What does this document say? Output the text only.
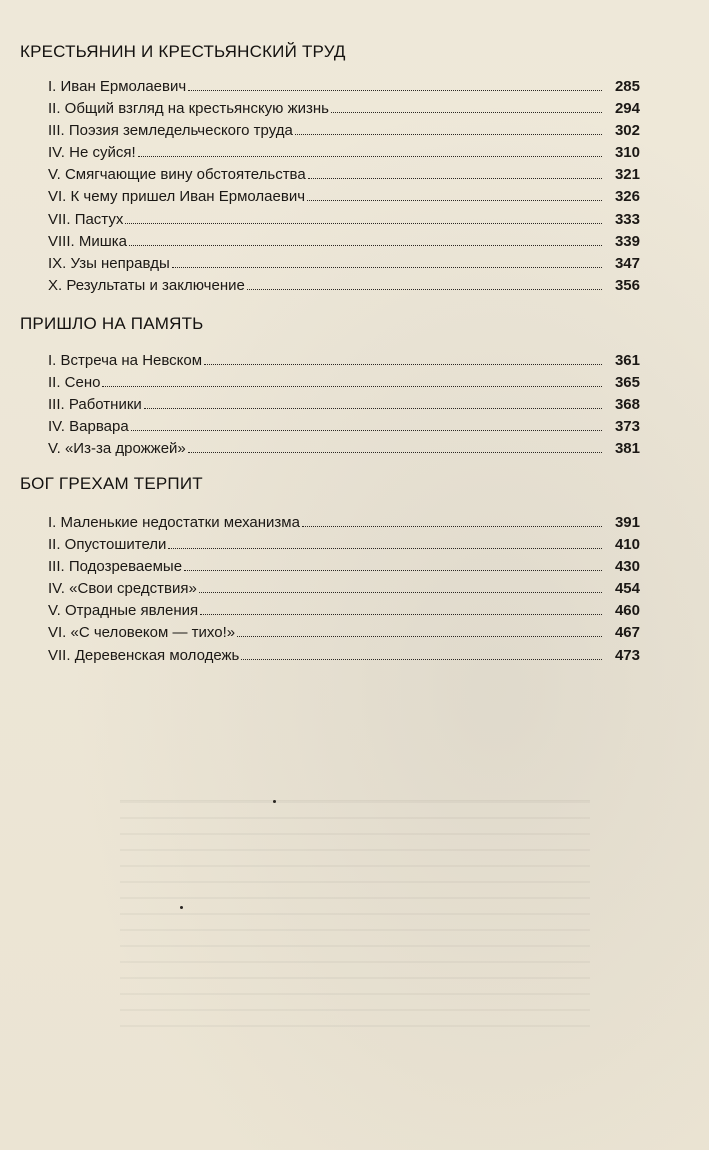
КРЕСТЬЯНИН И КРЕСТЬЯНСКИЙ ТРУД
I. Иван Ермолаевич	285
II. Общий взгляд на крестьянскую жизнь	294
III. Поэзия земледельческого труда	302
IV. Не суйся!	310
V. Смягчающие вину обстоятельства	321
VI. К чему пришел Иван Ермолаевич	326
VII. Пастух	333
VIII. Мишка	339
IX. Узы неправды	347
X. Результаты и заключение	356
ПРИШЛО НА ПАМЯТЬ
I. Встреча на Невском	361
II. Сено	365
III. Работники	368
IV. Варвара	373
V. «Из-за дрожжей»	381
БОГ ГРЕХАМ ТЕРПИТ
I. Маленькие недостатки механизма	391
II. Опустошители	410
III. Подозреваемые	430
IV. «Свои средствия»	454
V. Отрадные явления	460
VI. «С человеком — тихо!»	467
VII. Деревенская молодежь	473
